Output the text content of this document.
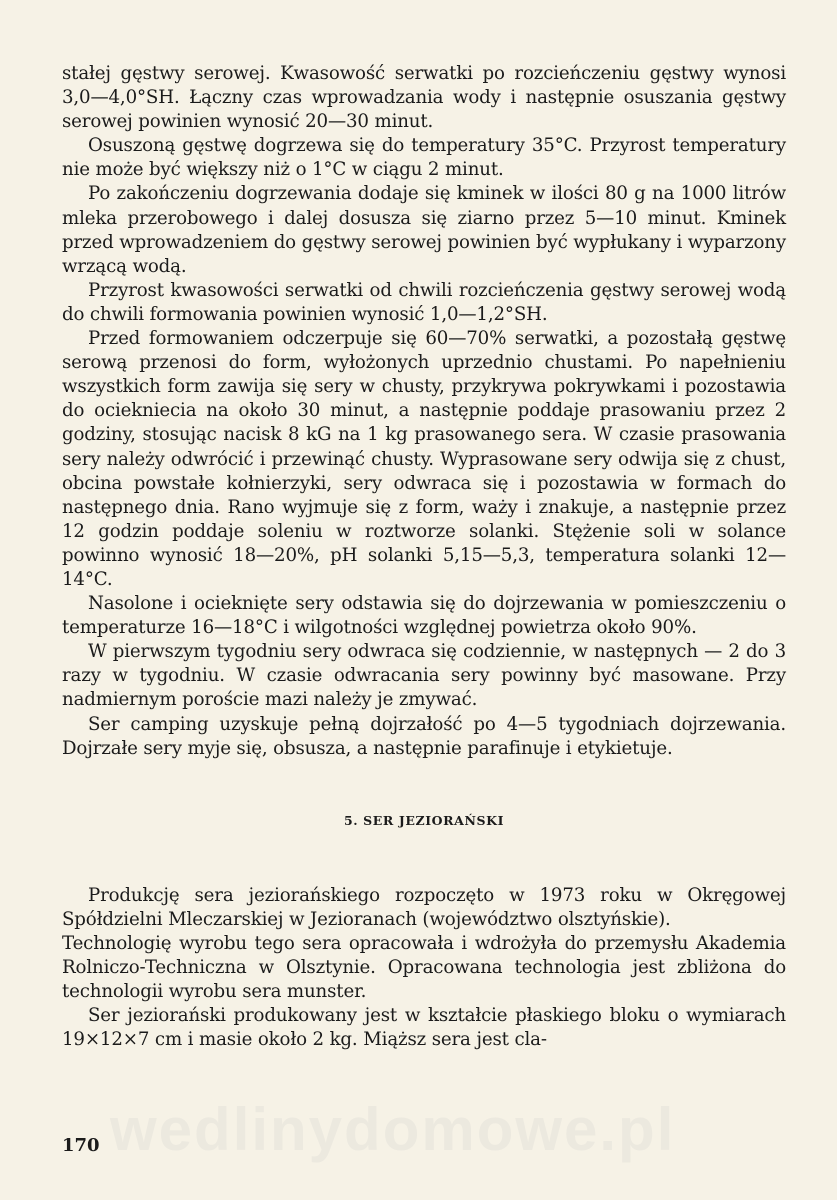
stałej gęstwy serowej. Kwasowość serwatki po rozcieńczeniu gęstwy wynosi 3,0—4,0°SH. Łączny czas wprowadzania wody i następnie osuszania gęstwy serowej powinien wynosić 20—30 minut.

Osuszoną gęstwę dogrzewa się do temperatury 35°C. Przyrost temperatury nie może być większy niż o 1°C w ciągu 2 minut.

Po zakończeniu dogrzewania dodaje się kminek w ilości 80 g na 1000 litrów mleka przerobowego i dalej dosusza się ziarno przez 5—10 minut. Kminek przed wprowadzeniem do gęstwy serowej powinien być wypłukany i wyparzony wrzącą wodą.

Przyrost kwasowości serwatki od chwili rozcieńczenia gęstwy serowej wodą do chwili formowania powinien wynosić 1,0—1,2°SH.

Przed formowaniem odczerpuje się 60—70% serwatki, a pozostałą gęstwę serową przenosi do form, wyłożonych uprzednio chustami. Po napełnieniu wszystkich form zawija się sery w chusty, przykrywa pokrywkami i pozostawia do ociekniecia na około 30 minut, a następnie poddaje prasowaniu przez 2 godziny, stosując nacisk 8 kG na 1 kg prasowanego sera. W czasie prasowania sery należy odwrócić i przewinąć chusty. Wyprasowane sery odwija się z chust, obcina powstałe kołnierzyki, sery odwraca się i pozostawia w formach do następnego dnia. Rano wyjmuje się z form, waży i znakuje, a następnie przez 12 godzin poddaje soleniu w roztworze solanki. Stężenie soli w solance powinno wynosić 18—20%, pH solanki 5,15—5,3, temperatura solanki 12—14°C.

Nasolone i ocieknięte sery odstawia się do dojrzewania w pomieszczeniu o temperaturze 16—18°C i wilgotności względnej powietrza około 90%.

W pierwszym tygodniu sery odwraca się codziennie, w następnych — 2 do 3 razy w tygodniu. W czasie odwracania sery powinny być masowane. Przy nadmiernym poroście mazi należy je zmywać.

Ser camping uzyskuje pełną dojrzałość po 4—5 tygodniach dojrzewania. Dojrzałe sery myje się, obsusza, a następnie parafinuje i etykietuje.

5. SER JEZIORAŃSKI

Produkcję sera jeziorańskiego rozpoczęto w 1973 roku w Okręgowej Spółdzielni Mleczarskiej w Jezioranach (województwo olsztyńskie).

Technologię wyrobu tego sera opracowała i wdrożyła do przemysłu Akademia Rolniczo-Techniczna w Olsztynie. Opracowana technologia jest zbliżona do technologii wyrobu sera munster.

Ser jeziorański produkowany jest w kształcie płaskiego bloku o wymiarach 19×12×7 cm i masie około 2 kg. Miąższ sera jest cla-

wedlinydomowe.pl
170
